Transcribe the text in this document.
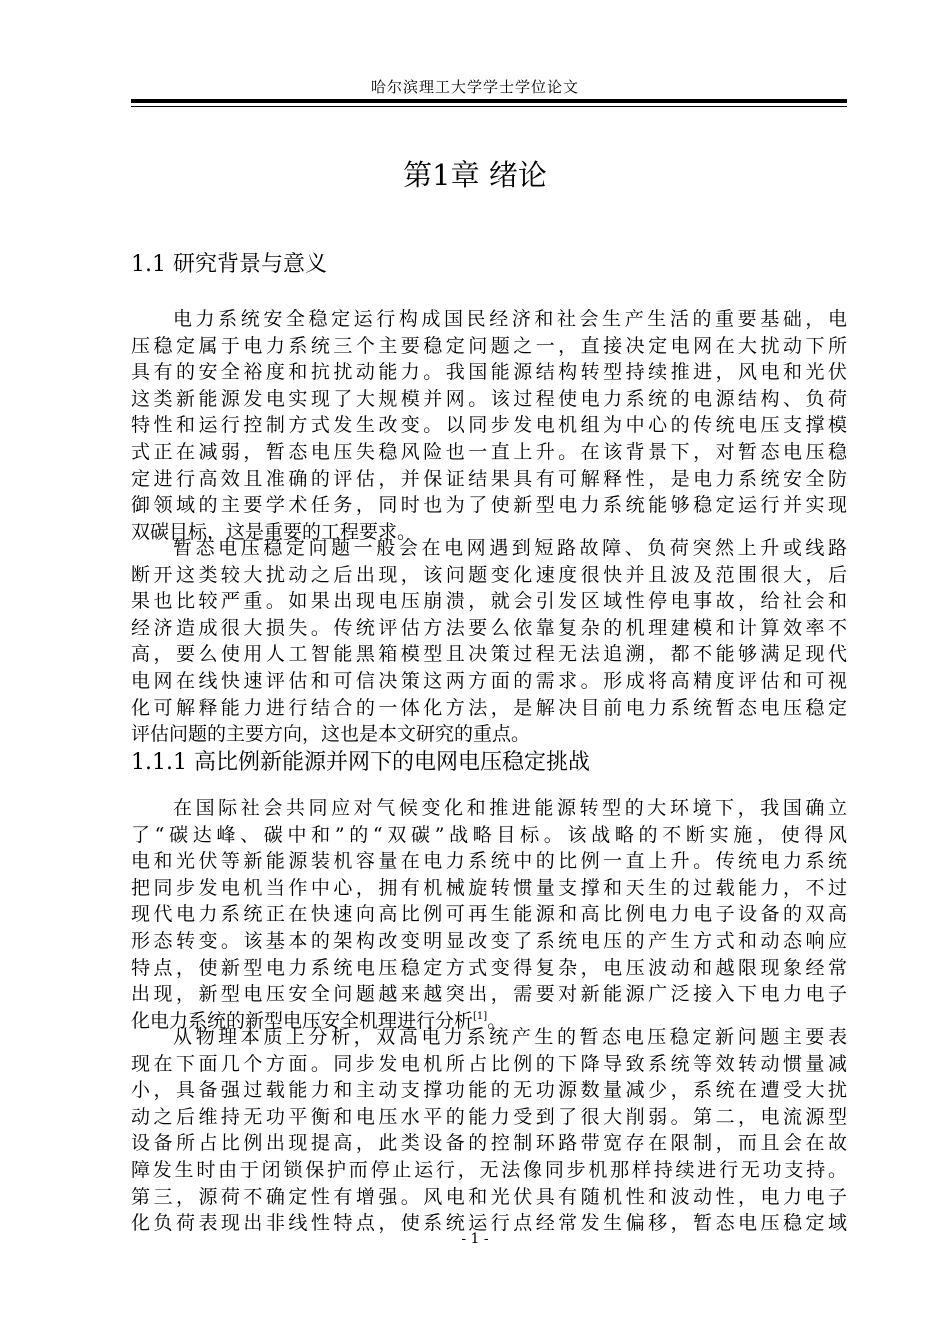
哈尔滨理工大学学士学位论文
第1章 绪论
1.1 研究背景与意义
电力系统安全稳定运行构成国民经济和社会生产生活的重要基础，电
压稳定属于电力系统三个主要稳定问题之一，直接决定电网在大扰动下所
具有的安全裕度和抗扰动能力。我国能源结构转型持续推进，风电和光伏
这类新能源发电实现了大规模并网。该过程使电力系统的电源结构、负荷
特性和运行控制方式发生改变。以同步发电机组为中心的传统电压支撑模
式正在减弱，暂态电压失稳风险也一直上升。在该背景下，对暂态电压稳
定进行高效且准确的评估，并保证结果具有可解释性，是电力系统安全防
御领域的主要学术任务，同时也为了使新型电力系统能够稳定运行并实现
双碳目标，这是重要的工程要求。
暂态电压稳定问题一般会在电网遇到短路故障、负荷突然上升或线路
断开这类较大扰动之后出现，该问题变化速度很快并且波及范围很大，后
果也比较严重。如果出现电压崩溃，就会引发区域性停电事故，给社会和
经济造成很大损失。传统评估方法要么依靠复杂的机理建模和计算效率不
高，要么使用人工智能黑箱模型且决策过程无法追溯，都不能够满足现代
电网在线快速评估和可信决策这两方面的需求。形成将高精度评估和可视
化可解释能力进行结合的一体化方法，是解决目前电力系统暂态电压稳定
评估问题的主要方向，这也是本文研究的重点。
1.1.1 高比例新能源并网下的电网电压稳定挑战
在国际社会共同应对气候变化和推进能源转型的大环境下，我国确立
了“碳达峰、碳中和”的“双碳”战略目标。该战略的不断实施，使得风
电和光伏等新能源装机容量在电力系统中的比例一直上升。传统电力系统
把同步发电机当作中心，拥有机械旋转惯量支撑和天生的过载能力，不过
现代电力系统正在快速向高比例可再生能源和高比例电力电子设备的双高
形态转变。该基本的架构改变明显改变了系统电压的产生方式和动态响应
特点，使新型电力系统电压稳定方式变得复杂，电压波动和越限现象经常
出现，新型电压安全问题越来越突出，需要对新能源广泛接入下电力电子
化电力系统的新型电压安全机理进行分析[1]。
从物理本质上分析，双高电力系统产生的暂态电压稳定新问题主要表
现在下面几个方面。同步发电机所占比例的下降导致系统等效转动惯量减
小，具备强过载能力和主动支撑功能的无功源数量减少，系统在遭受大扰
动之后维持无功平衡和电压水平的能力受到了很大削弱。第二，电流源型
设备所占比例出现提高，此类设备的控制环路带宽存在限制，而且会在故
障发生时由于闭锁保护而停止运行，无法像同步机那样持续进行无功支持。
第三，源荷不确定性有增强。风电和光伏具有随机性和波动性，电力电子
化负荷表现出非线性特点，使系统运行点经常发生偏移，暂态电压稳定域
- 1 -
